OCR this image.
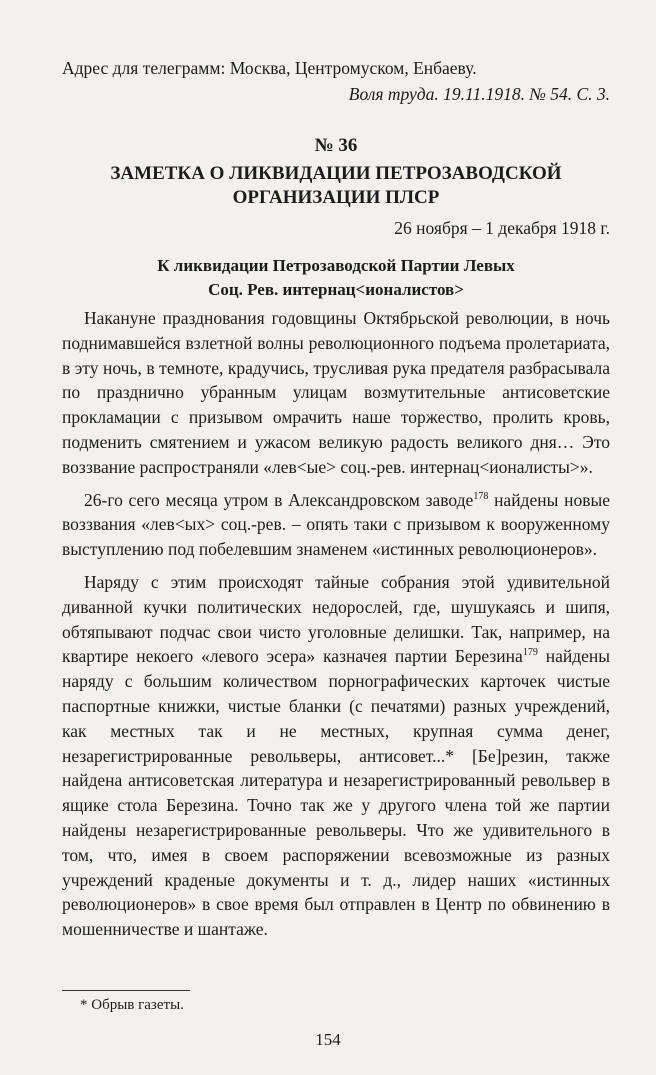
Адрес для телеграмм: Москва, Центромуском, Енбаеву.

Воля труда. 19.11.1918. № 54. С. 3.

№ 36

ЗАМЕТКА О ЛИКВИДАЦИИ ПЕТРОЗАВОДСКОЙ
ОРГАНИЗАЦИИ ПЛСР

26 ноября – 1 декабря 1918 г.

К ликвидации Петрозаводской Партии Левых
Соц. Рев. интернац<ионалистов>

Накануне празднования годовщины Октябрьской революции, в ночь поднимавшейся взлетной волны революционного подъема пролетариата, в эту ночь, в темноте, крадучись, трусливая рука предателя разбрасывала по празднично убранным улицам возмутительные антисоветские прокламации с призывом омрачить наше торжество, пролить кровь, подменить смятением и ужасом великую радость великого дня… Это воззвание распространяли «лев<ые> соц.-рев. интернац<ионалисты>».

26-го сего месяца утром в Александровском заводе$^{178}$ найдены новые воззвания «лев<ых> соц.-рев. – опять таки с призывом к вооруженному выступлению под побелевшим знаменем «истинных революционеров».

Наряду с этим происходят тайные собрания этой удивительной диванной кучки политических недорослей, где, шушукаясь и шипя, обтяпывают подчас свои чисто уголовные делишки. Так, например, на квартире некоего «левого эсера» казначея партии Березина$^{179}$ найдены наряду с большим количеством порнографических карточек чистые паспортные книжки, чистые бланки (с печатями) разных учреждений, как местных так и не местных, крупная сумма денег, незарегистрированные револьверы, антисовет...* [Бе]резин, также найдена антисоветская литература и незарегистрированный револьвер в ящике стола Березина. Точно так же у другого члена той же партии найдены незарегистрированные револьверы. Что же удивительного в том, что, имея в своем распоряжении всевозможные из разных учреждений краденые документы и т. д., лидер наших «истинных революционеров» в свое время был отправлен в Центр по обвинению в мошенничестве и шантаже.

* Обрыв газеты.
154
